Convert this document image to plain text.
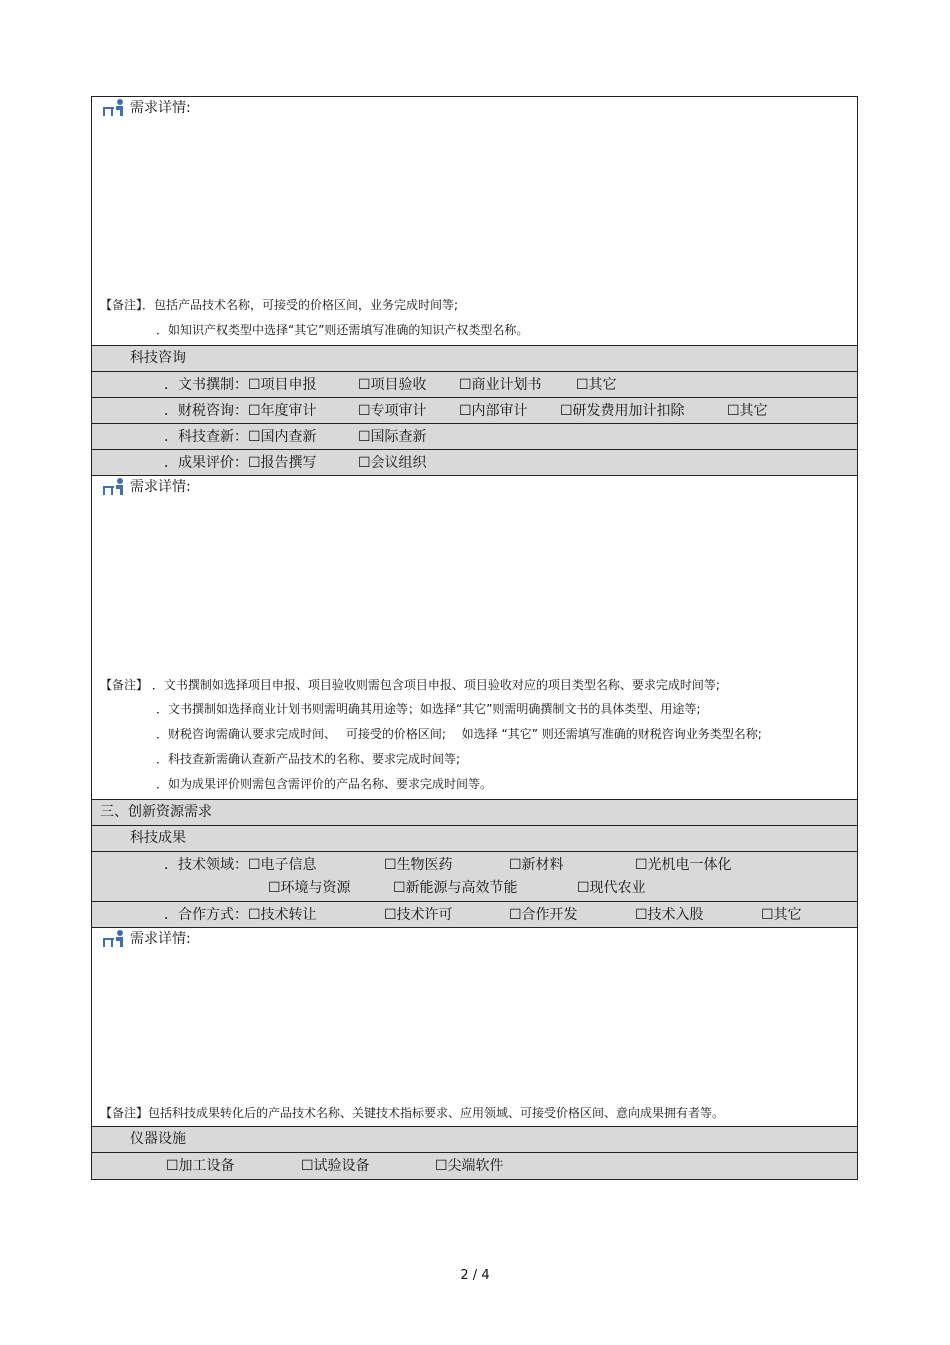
需求详情:
【备注】．包括产品技术名称，可接受的价格区间，业务完成时间等;
．如知识产权类型中选择“其它”则还需填写准确的知识产权类型名称。
科技咨询
．文书撰制： ☐项目申报	☐项目验收 ☐商业计划书 ☐其它
．财税咨询： ☐年度审计	☐专项审计 ☐内部审计 ☐研发费用加计扣除	☐其它
．科技查新： ☐国内查新	☐国际查新
．成果评价： ☐报告撰写	☐会议组织
需求详情:
【备注】 ．文书撰制如选择项目申报、项目验收则需包含项目申报、项目验收对应的项目类型名称、要求完成时间等;
．文书撰制如选择商业计划书则需明确其用途等；如选择“其它”则需明确撰制文书的具体类型、用途等;
．财税咨询需确认要求完成时间、　 可接受的价格区间;　 如选择 “其它” 则还需填写准确的财税咨询业务类型名称;
．科技查新需确认查新产品技术的名称、要求完成时间等;
．如为成果评价则需包含需评价的产品名称、要求完成时间等。
三、创新资源需求
科技成果
．技术领域： ☐电子信息	☐生物医药	☐新材料	☐光机电一体化
☐环境与资源	☐新能源与高效节能	☐现代农业
．合作方式： ☐技术转让	☐技术许可	☐合作开发	☐技术入股	☐其它
需求详情:
【备注】包括科技成果转化后的产品技术名称、关键技术指标要求、应用领域、可接受价格区间、意向成果拥有者等。
仪器设施
☐加工设备	☐试验设备	☐尖端软件
2 / 4
